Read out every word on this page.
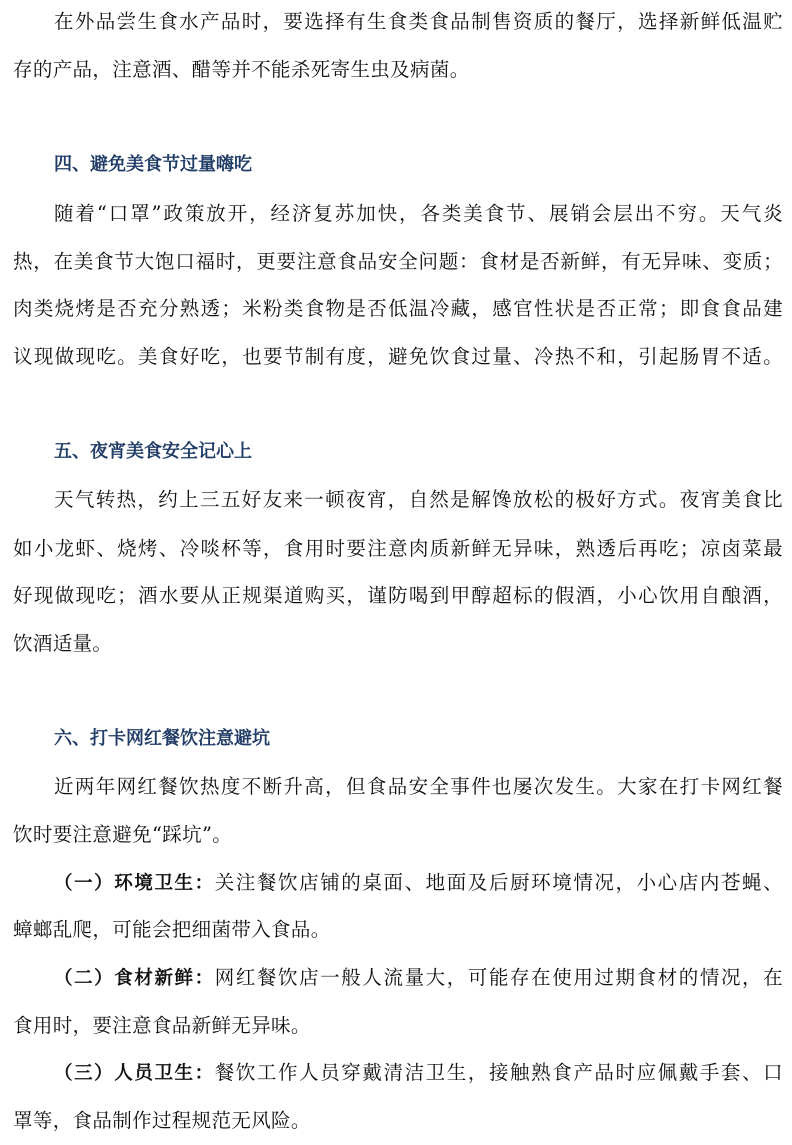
在外品尝生食水产品时，要选择有生食类食品制售资质的餐厅，选择新鲜低温贮
存的产品，注意酒、醋等并不能杀死寄生虫及病菌。
四、避免美食节过量嗨吃
随着“口罩”政策放开，经济复苏加快，各类美食节、展销会层出不穷。天气炎
热，在美食节大饱口福时，更要注意食品安全问题：食材是否新鲜，有无异味、变质；
肉类烧烤是否充分熟透；米粉类食物是否低温冷藏，感官性状是否正常；即食食品建
议现做现吃。美食好吃，也要节制有度，避免饮食过量、冷热不和，引起肠胃不适。
五、夜宵美食安全记心上
天气转热，约上三五好友来一顿夜宵，自然是解馋放松的极好方式。夜宵美食比
如小龙虾、烧烤、冷啖杯等，食用时要注意肉质新鲜无异味，熟透后再吃；凉卤菜最
好现做现吃；酒水要从正规渠道购买，谨防喝到甲醇超标的假酒，小心饮用自酿酒，
饮酒适量。
六、打卡网红餐饮注意避坑
近两年网红餐饮热度不断升高，但食品安全事件也屡次发生。大家在打卡网红餐
饮时要注意避免“踩坑”。
（一）环境卫生：关注餐饮店铺的桌面、地面及后厨环境情况，小心店内苍蝇、
蟑螂乱爬，可能会把细菌带入食品。
（二）食材新鲜：网红餐饮店一般人流量大，可能存在使用过期食材的情况，在
食用时，要注意食品新鲜无异味。
（三）人员卫生：餐饮工作人员穿戴清洁卫生，接触熟食产品时应佩戴手套、口
罩等，食品制作过程规范无风险。
